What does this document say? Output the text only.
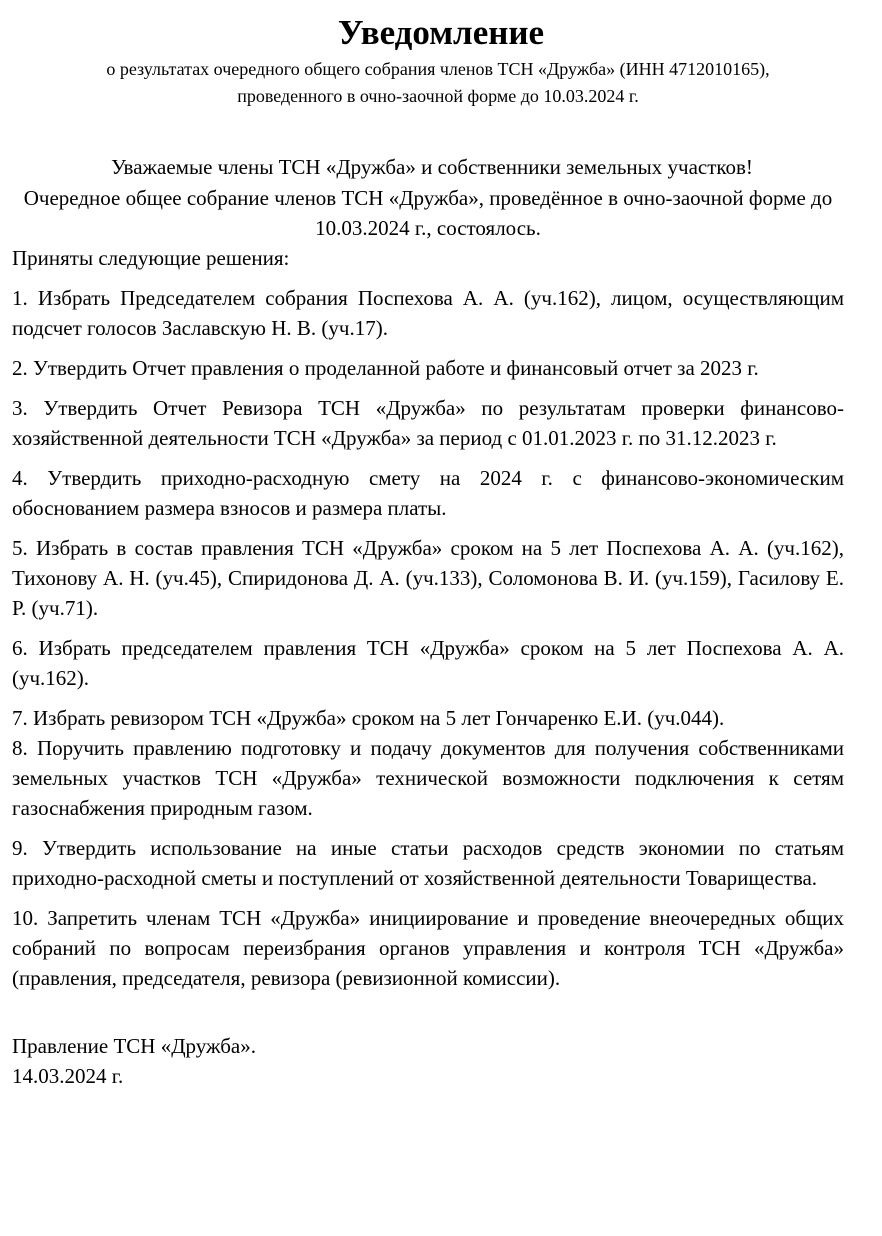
Уведомление

о результатах очередного общего собрания членов ТСН «Дружба» (ИНН 4712010165),
проведенного в очно-заочной форме до 10.03.2024 г.

Уважаемые члены ТСН «Дружба» и собственники земельных участков!

Очередное общее собрание членов ТСН «Дружба», проведённое в очно-заочной форме до 10.03.2024 г., состоялось.

Приняты следующие решения:

1. Избрать Председателем собрания Поспехова А. А. (уч.162), лицом, осуществляющим подсчет голосов Заславскую Н. В. (уч.17).
2. Утвердить Отчет правления о проделанной работе и финансовый отчет за 2023 г.
3. Утвердить Отчет Ревизора ТСН «Дружба» по результатам проверки финансово-хозяйственной деятельности ТСН «Дружба» за период с 01.01.2023 г. по 31.12.2023 г.
4. Утвердить приходно-расходную смету на 2024 г. с финансово-экономическим обоснованием размера взносов и размера платы.
5. Избрать в состав правления ТСН «Дружба» сроком на 5 лет Поспехова А. А. (уч.162), Тихонову А. Н. (уч.45), Спиридонова Д. А. (уч.133), Соломонова В. И. (уч.159), Гасилову Е. Р. (уч.71).
6. Избрать председателем правления ТСН «Дружба» сроком на 5 лет Поспехова А. А. (уч.162).
7. Избрать ревизором ТСН «Дружба» сроком на 5 лет Гончаренко Е.И. (уч.044).
8. Поручить правлению подготовку и подачу документов для получения собственниками земельных участков ТСН «Дружба» технической возможности подключения к сетям газоснабжения природным газом.
9. Утвердить использование на иные статьи расходов средств экономии по статьям приходно-расходной сметы и поступлений от хозяйственной деятельности Товарищества.
10. Запретить членам ТСН «Дружба» инициирование и проведение внеочередных общих собраний по вопросам переизбрания органов управления и контроля ТСН «Дружба» (правления, председателя, ревизора (ревизионной комиссии).
Правление ТСН «Дружба».
14.03.2024 г.
